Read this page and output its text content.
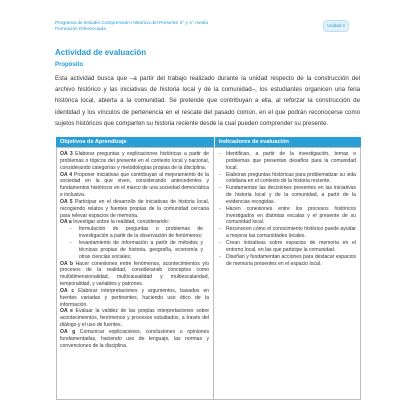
Programa de Estudio Comprensión Histórica del Presente 3° y 4° medio
Formación Diferenciada
Unidad 4
Actividad de evaluación
Propósito

Esta actividad busca que –a partir del trabajo realizado durante la unidad respecto de la construcción del archivo histórico y las iniciativas de historia local y de la comunidad–, los estudiantes organicen una feria histórica local, abierta a la comunidad. Se pretende que contribuyan a ella, al reforzar la construcción de identidad y los vínculos de pertenencia en el rescate del pasado común, en el que podrán reconocerse como sujetos históricos que comparten su historia reciente desde la cual pueden comprender su presente.

Objetivos de Aprendizaje	Indicadores de evaluación

OA 3 Elaborar preguntas y explicaciones históricas a partir de problemas o tópicos del presente en el contexto local y nacional, considerando categorías y metodologías propias de la disciplina.

OA 4 Proponer iniciativas que contribuyan al mejoramiento de la sociedad en la que viven, considerando antecedentes y fundamentos históricos en el marco de una sociedad democrática e inclusiva.

OA 5 Participar en el desarrollo de iniciativas de historia local, recogiendo relatos y fuentes propias de la comunidad cercana para relevar espacios de memoria.

OA a Investigar sobre la realidad, considerando:

- formulación de preguntas o problemas de investigación a partir de la observación de fenómenos;
- levantamiento de información a partir de métodos y técnicas propias de historia, geografía, economía y otras ciencias sociales;

OA b Hacer conexiones entre fenómenos, acontecimientos y/o procesos de la realidad, considerando conceptos como multidimensionalidad, multicausalidad y multiescalaridad, temporalidad, y variables y patrones.

OA c Elaborar interpretaciones y argumentos, basados en fuentes variadas y pertinentes, haciendo uso ético de la información.

OA e Evaluar la validez de las propias interpretaciones sobre acontecimientos, fenómenos y procesos estudiados, a través del diálogo y el uso de fuentes.

OA g Comunicar explicaciones, conclusiones u opiniones fundamentadas, haciendo uso de lenguaje, las normas y convenciones de la disciplina.

- Identifican, a partir de la investigación, temas o problemas que presentan desafíos para la comunidad local.
- Elaboran preguntas históricas para problematizar su vida cotidiana en el contexto de la historia reciente.
- Fundamentan las decisiones presentes en las iniciativas de historia local y de la comunidad, a partir de la evidencias recogidas.
- Hacen conexiones entre los procesos históricos investigados en distintas escalas y el presente de su comunidad local.
- Reconocen cómo el conocimiento histórico puede ayudar a mejorar las comunidades locales.
- Crean iniciativas sobre espacios de memoria en el entorno local, en las que participe la comunidad.
- Diseñan y fundamentan acciones para destacar espacios de memoria presentes en el espacio local.
